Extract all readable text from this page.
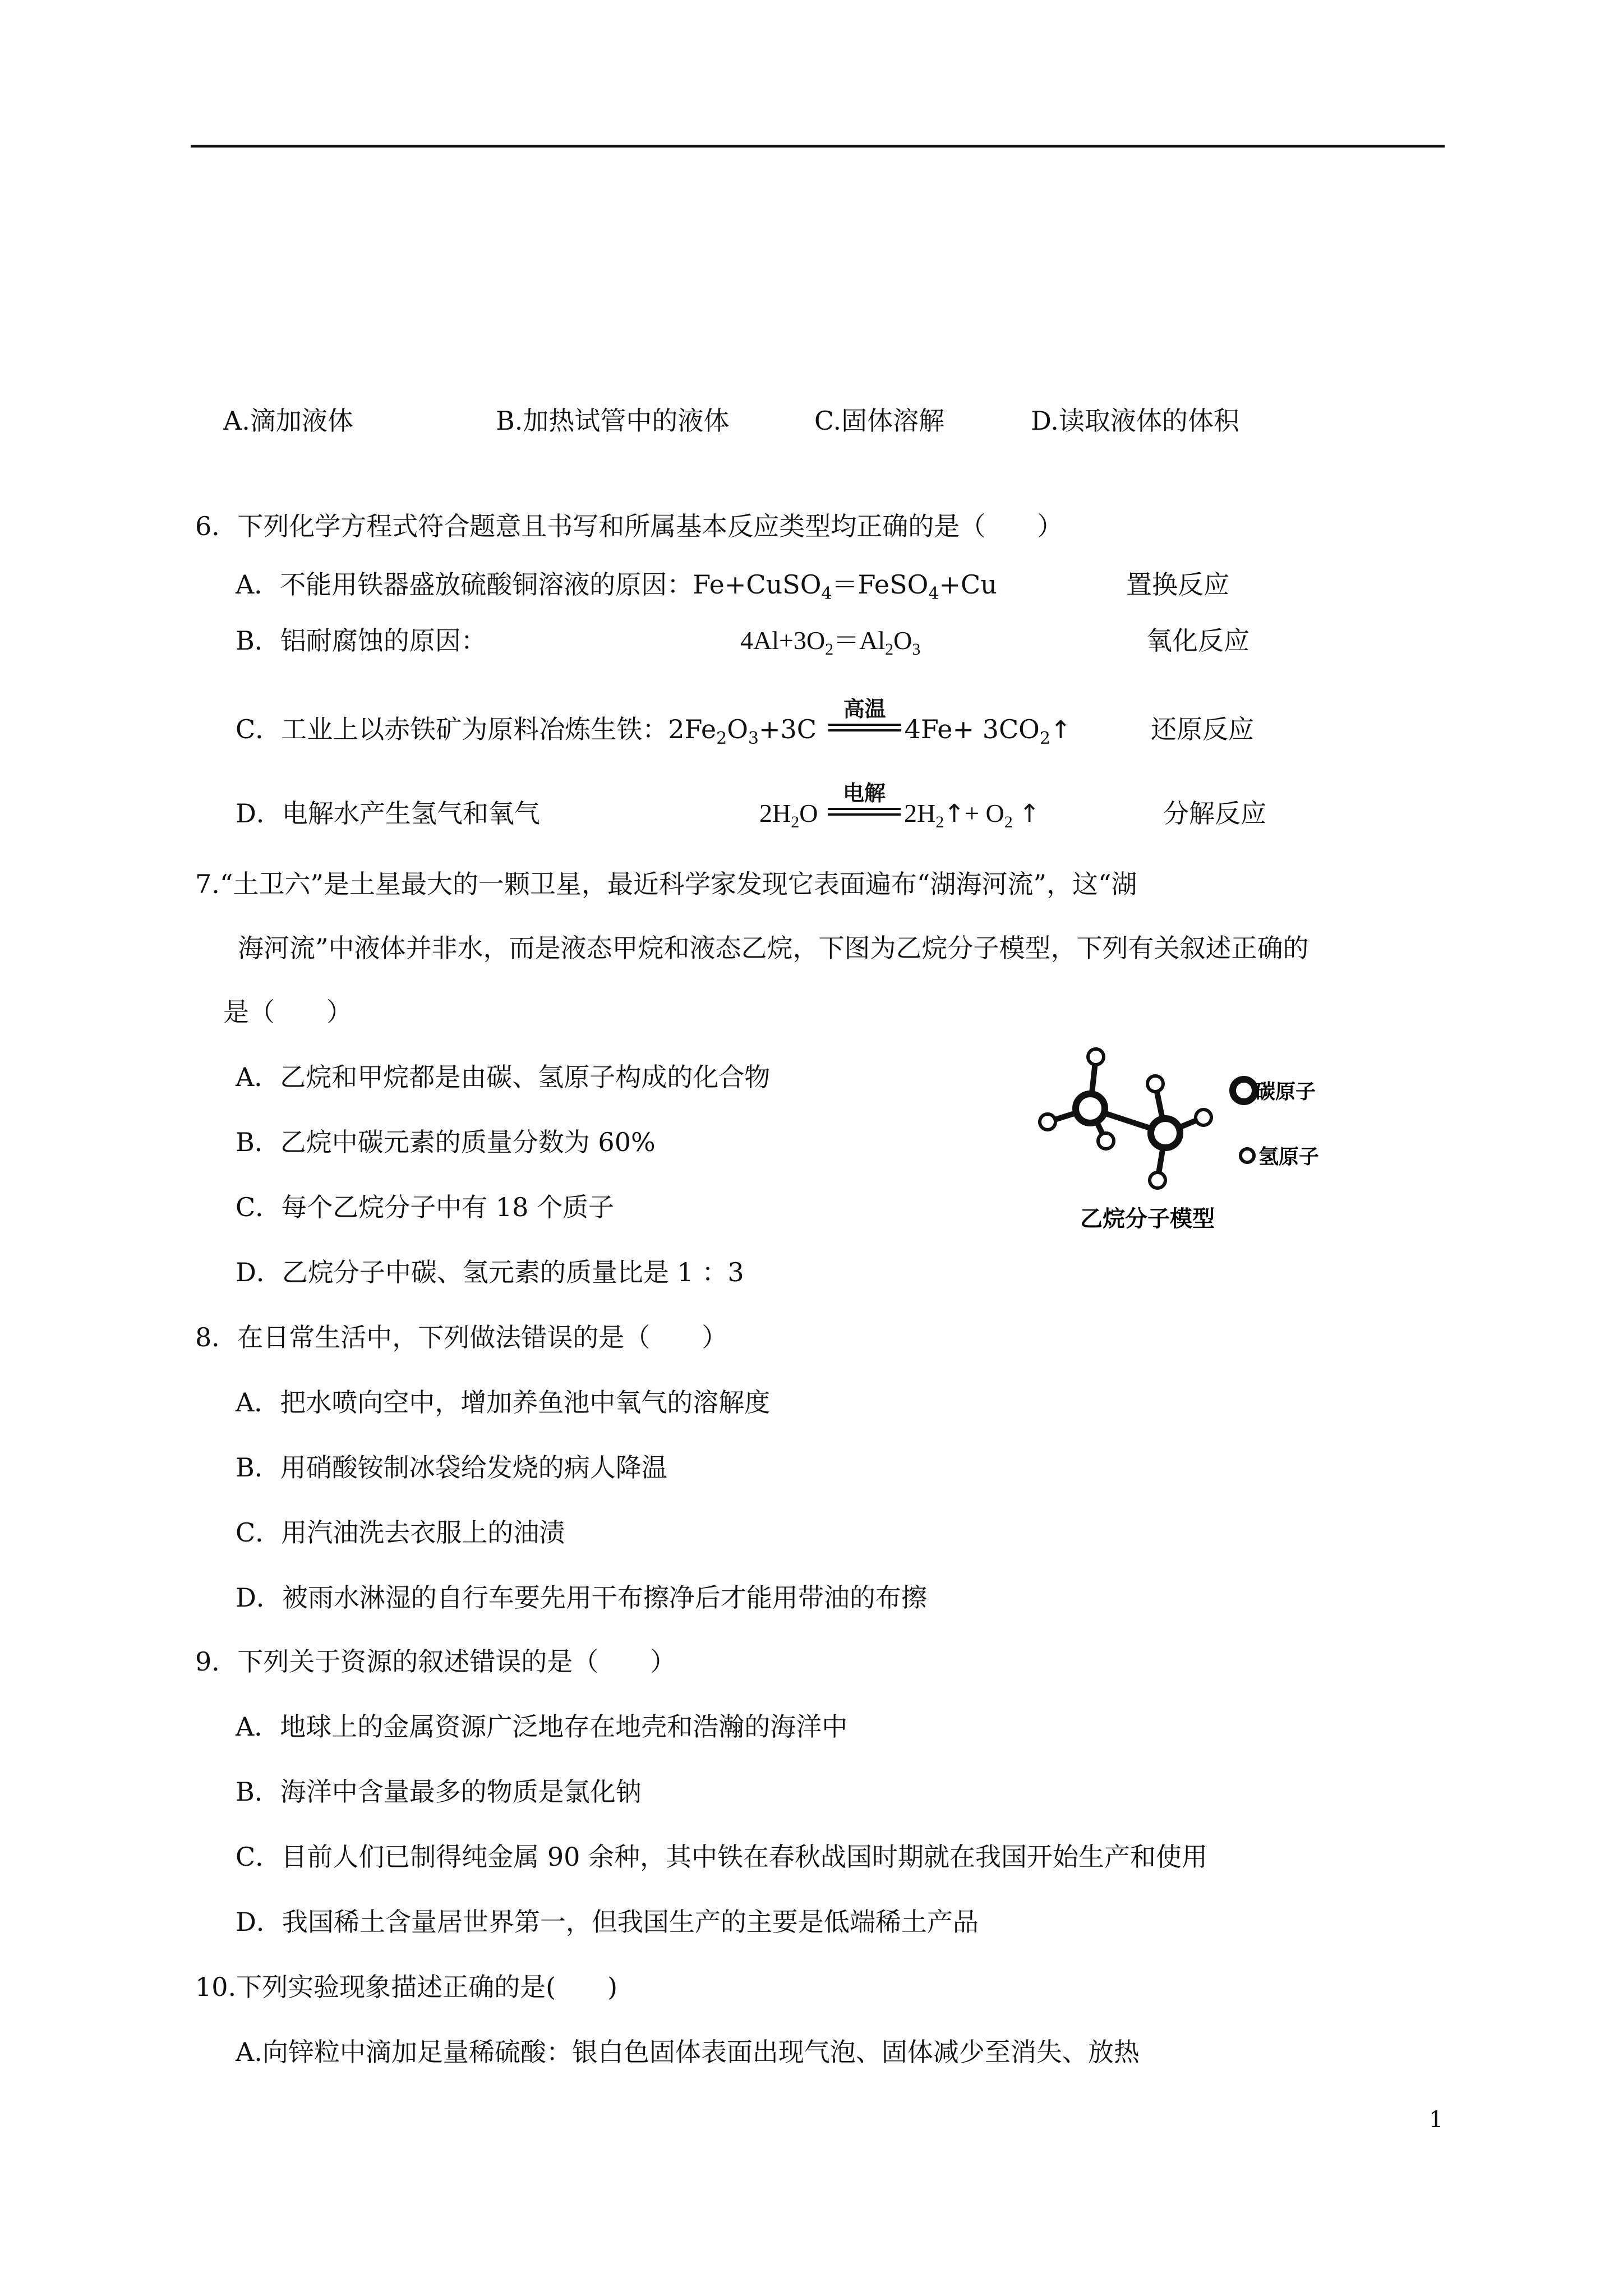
A.滴加液体	B.加热试管中的液体	C.固体溶解	D.读取液体的体积
6．下列化学方程式符合题意且书写和所属基本反应类型均正确的是（　　）
A．不能用铁器盛放硫酸铜溶液的原因：Fe+CuSO$_4$＝FeSO$_4$+Cu	置换反应
B．铝耐腐蚀的原因：	$4Al+3O_2=Al_2O_3$	氧化反应
C．工业上以赤铁矿为原料冶炼生铁：$2Fe_2O_3+3C$
高温
$4Fe+ 3CO_2↑$	还原反应
D．电解水产生氢气和氧气	$2H_2O$
电解
$2H_2↑+ O_2$ ↑	分解反应
7.“土卫六”是土星最大的一颗卫星，最近科学家发现它表面遍布“湖海河流”，这“湖
海河流”中液体并非水，而是液态甲烷和液态乙烷，下图为乙烷分子模型，下列有关叙述正确的
是（　　）
A．乙烷和甲烷都是由碳、氢原子构成的化合物
B．乙烷中碳元素的质量分数为 60%
C．每个乙烷分子中有 18 个质子
D．乙烷分子中碳、氢元素的质量比是 1 ：3
碳原子
氢原子
乙烷分子模型
8．在日常生活中，下列做法错误的是（　　）
A．把水喷向空中，增加养鱼池中氧气的溶解度
B．用硝酸铵制冰袋给发烧的病人降温
C．用汽油洗去衣服上的油渍
D．被雨水淋湿的自行车要先用干布擦净后才能用带油的布擦
9．下列关于资源的叙述错误的是（　　）
A．地球上的金属资源广泛地存在地壳和浩瀚的海洋中
B．海洋中含量最多的物质是氯化钠
C．目前人们已制得纯金属 90 余种，其中铁在春秋战国时期就在我国开始生产和使用
D．我国稀土含量居世界第一，但我国生产的主要是低端稀土产品
10.下列实验现象描述正确的是(　　)
A.向锌粒中滴加足量稀硫酸：银白色固体表面出现气泡、固体减少至消失、放热
1
